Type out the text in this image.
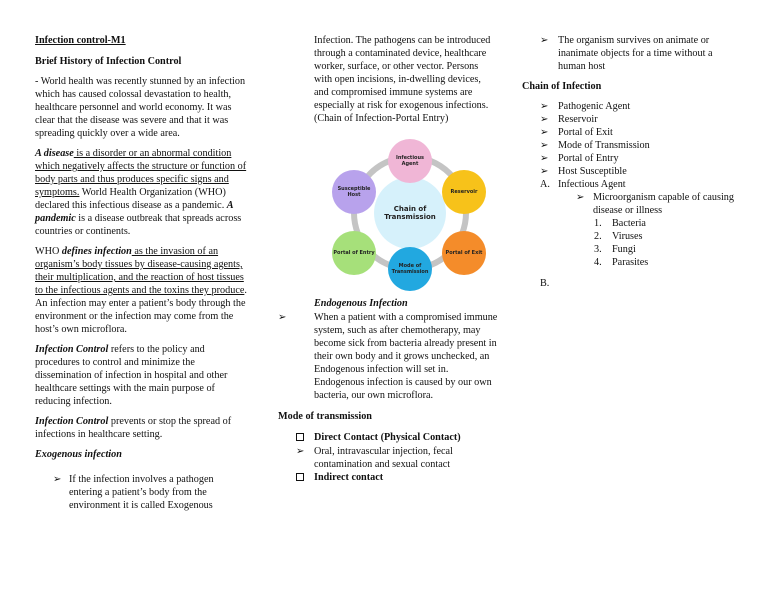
Infection control-M1

Brief History of Infection Control

- World health was recently stunned by an infection which has caused colossal devastation to health, healthcare personnel and world economy. It was clear that the disease was severe and that it was spreading quickly over a wide area.

A disease is a disorder or an abnormal condition which negatively affects the structure or function of body parts and thus produces specific signs and symptoms. World Health Organization (WHO) declared this infectious disease as a pandemic. A pandemic is a disease outbreak that spreads across countries or continents.

WHO defines infection as the invasion of an organism’s body tissues by disease-causing agents, their multiplication, and the reaction of host tissues to the infectious agents and the toxins they produce. An infection may enter a patient’s body through the environment or the infection may come from the host’s own microflora.

Infection Control refers to the policy and procedures to control and minimize the dissemination of infection in hospital and other healthcare settings with the main purpose of reducing infection.

Infection Control prevents or stop the spread of infections in healthcare setting.

Exogenous infection

➢ If the infection involves a pathogen entering a patient’s body from the environment it is called Exogenous

Infection. The pathogens can be introduced through a contaminated device, healthcare worker, surface, or other vector. Persons with open incisions, in-dwelling devices, and compromised immune systems are especially at risk for exogenous infections. (Chain of Infection-Portal Entry)

Chain of Transmission
Infectious Agent
Reservoir
Portal of Exit
Mode of Transmission
Portal of Entry
Susceptible Host

Endogenous Infection

➢	When a patient with a compromised immune system, such as after chemotherapy, may become sick from bacteria already present in their own body and it grows unchecked, an Endogenous infection will set in. Endogenous infection is caused by our own bacteria, our own microflora.

Mode of transmission

Direct Contact (Physical Contact)
➢ Oral, intravascular injection, fecal contamination and sexual contact
Indirect contact
➢ The organism survives on animate or inanimate objects for a time without a human host

Chain of Infection

➢ Pathogenic Agent
➢ Reservoir
➢ Portal of Exit
➢ Mode of Transmission
➢ Portal of Entry
➢ Host Susceptible
A. Infectious Agent
➢ Microorganism capable of causing disease or illness
1.	Bacteria
2.	Viruses
3.	Fungi
4.	Parasites
B.
